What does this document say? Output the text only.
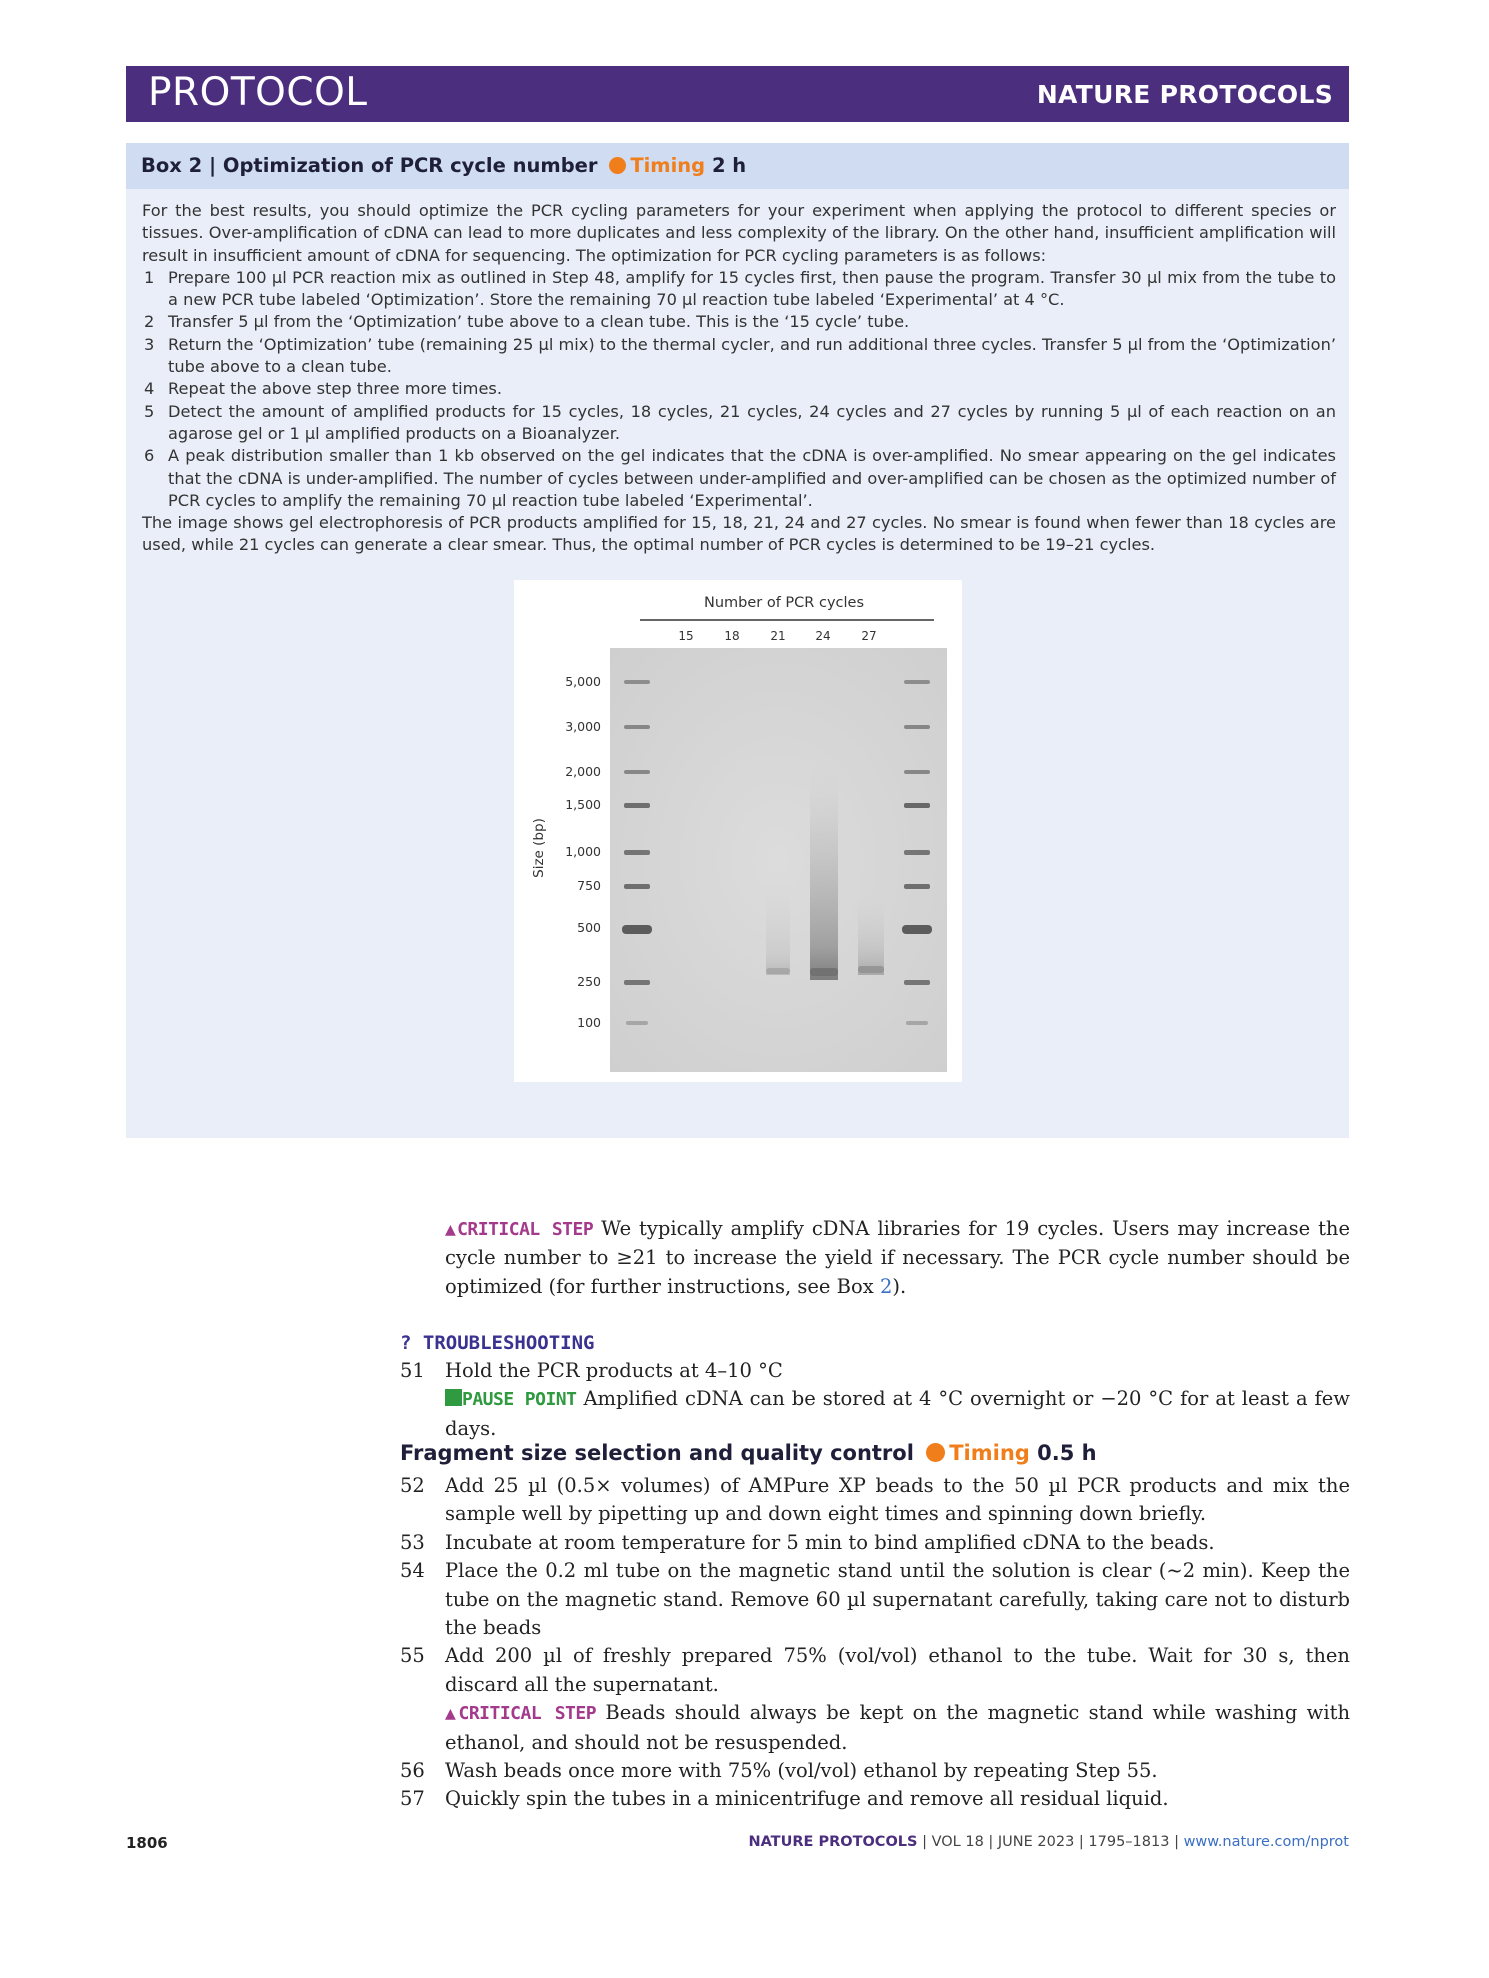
PROTOCOL	NATURE PROTOCOLS
Box 2 | Optimization of PCR cycle number Timing 2 h

For the best results, you should optimize the PCR cycling parameters for your experiment when applying the protocol to different species or tissues. Over-amplification of cDNA can lead to more duplicates and less complexity of the library. On the other hand, insufficient amplification will result in insufficient amount of cDNA for sequencing. The optimization for PCR cycling parameters is as follows:

1 Prepare 100 µl PCR reaction mix as outlined in Step 48, amplify for 15 cycles first, then pause the program. Transfer 30 µl mix from the tube to a new PCR tube labeled ‘Optimization’. Store the remaining 70 µl reaction tube labeled ‘Experimental’ at 4 °C.
2 Transfer 5 µl from the ‘Optimization’ tube above to a clean tube. This is the ‘15 cycle’ tube.
3 Return the ‘Optimization’ tube (remaining 25 µl mix) to the thermal cycler, and run additional three cycles. Transfer 5 µl from the ‘Optimization’ tube above to a clean tube.
4 Repeat the above step three more times.
5 Detect the amount of amplified products for 15 cycles, 18 cycles, 21 cycles, 24 cycles and 27 cycles by running 5 µl of each reaction on an agarose gel or 1 µl amplified products on a Bioanalyzer.
6 A peak distribution smaller than 1 kb observed on the gel indicates that the cDNA is over-amplified. No smear appearing on the gel indicates that the cDNA is under-amplified. The number of cycles between under-amplified and over-amplified can be chosen as the optimized number of PCR cycles to amplify the remaining 70 µl reaction tube labeled ‘Experimental’.

The image shows gel electrophoresis of PCR products amplified for 15, 18, 21, 24 and 27 cycles. No smear is found when fewer than 18 cycles are used, while 21 cycles can generate a clear smear. Thus, the optimal number of PCR cycles is determined to be 19–21 cycles.

Number of PCR cycles
15	18	21 24	27
Size (bp)
5,000
3,000
2,000
1,500
1,000
750
500
250
100
▲CRITICAL STEP We typically amplify cDNA libraries for 19 cycles. Users may increase the cycle number to ≥21 to increase the yield if necessary. The PCR cycle number should be optimized (for further instructions, see Box 2).
? TROUBLESHOOTING
51 Hold the PCR products at 4–10 °C
PAUSE POINT Amplified cDNA can be stored at 4 °C overnight or −20 °C for at least a few days.
Fragment size selection and quality control Timing 0.5 h
52 Add 25 µl (0.5× volumes) of AMPure XP beads to the 50 µl PCR products and mix the sample well by pipetting up and down eight times and spinning down briefly.
53 Incubate at room temperature for 5 min to bind amplified cDNA to the beads.
54 Place the 0.2 ml tube on the magnetic stand until the solution is clear (~2 min). Keep the tube on the magnetic stand. Remove 60 µl supernatant carefully, taking care not to disturb the beads
55 Add 200 µl of freshly prepared 75% (vol/vol) ethanol to the tube. Wait for 30 s, then discard all the supernatant.
▲CRITICAL STEP Beads should always be kept on the magnetic stand while washing with ethanol, and should not be resuspended.
56 Wash beads once more with 75% (vol/vol) ethanol by repeating Step 55.
57 Quickly spin the tubes in a minicentrifuge and remove all residual liquid.
1806	NATURE PROTOCOLS | VOL 18 | JUNE 2023 | 1795–1813 | www.nature.com/nprot
